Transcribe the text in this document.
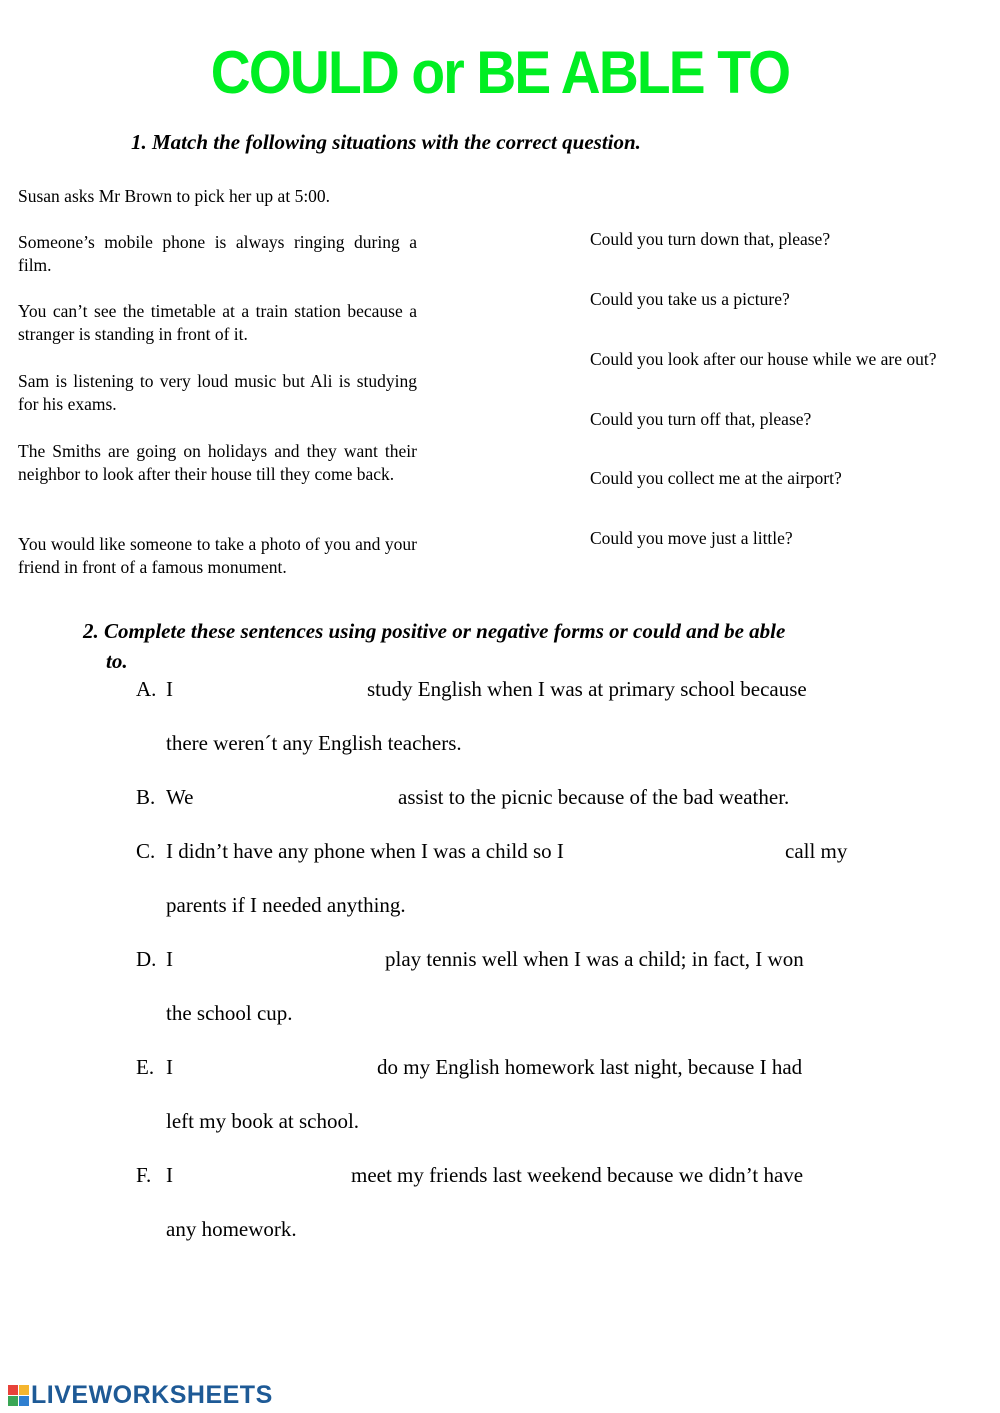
COULD or BE ABLE TO
1. Match the following situations with the correct question.
Susan asks Mr Brown to pick her up at 5:00.
Someone’s mobile phone is always ringing during a film.
You can’t see the timetable at a train station because a stranger is standing in front of it.
Sam is listening to very loud music but Ali is studying for his exams.
The Smiths are going on holidays and they want their neighbor to look after their house till they come back.
You would like someone to take a photo of you and your friend in front of a famous monument.
Could you turn down that, please?
Could you take us a picture?
Could you look after our house while we are out?
Could you turn off that, please?
Could you collect me at the airport?
Could you move just a little?
2. Complete these sentences using positive or negative forms or could and be able
to.
A. I	study English when I was at primary school because
there weren´t any English teachers.
B. We	assist to the picnic because of the bad weather.
C. I didn’t have any phone when I was a child so I	call my
parents if I needed anything.
D. I	play tennis well when I was a child; in fact, I won
the school cup.
E. I	do my English homework last night, because I had
left my book at school.
F. I	meet my friends last weekend because we didn’t have
any homework.
LIVEWORKSHEETS
